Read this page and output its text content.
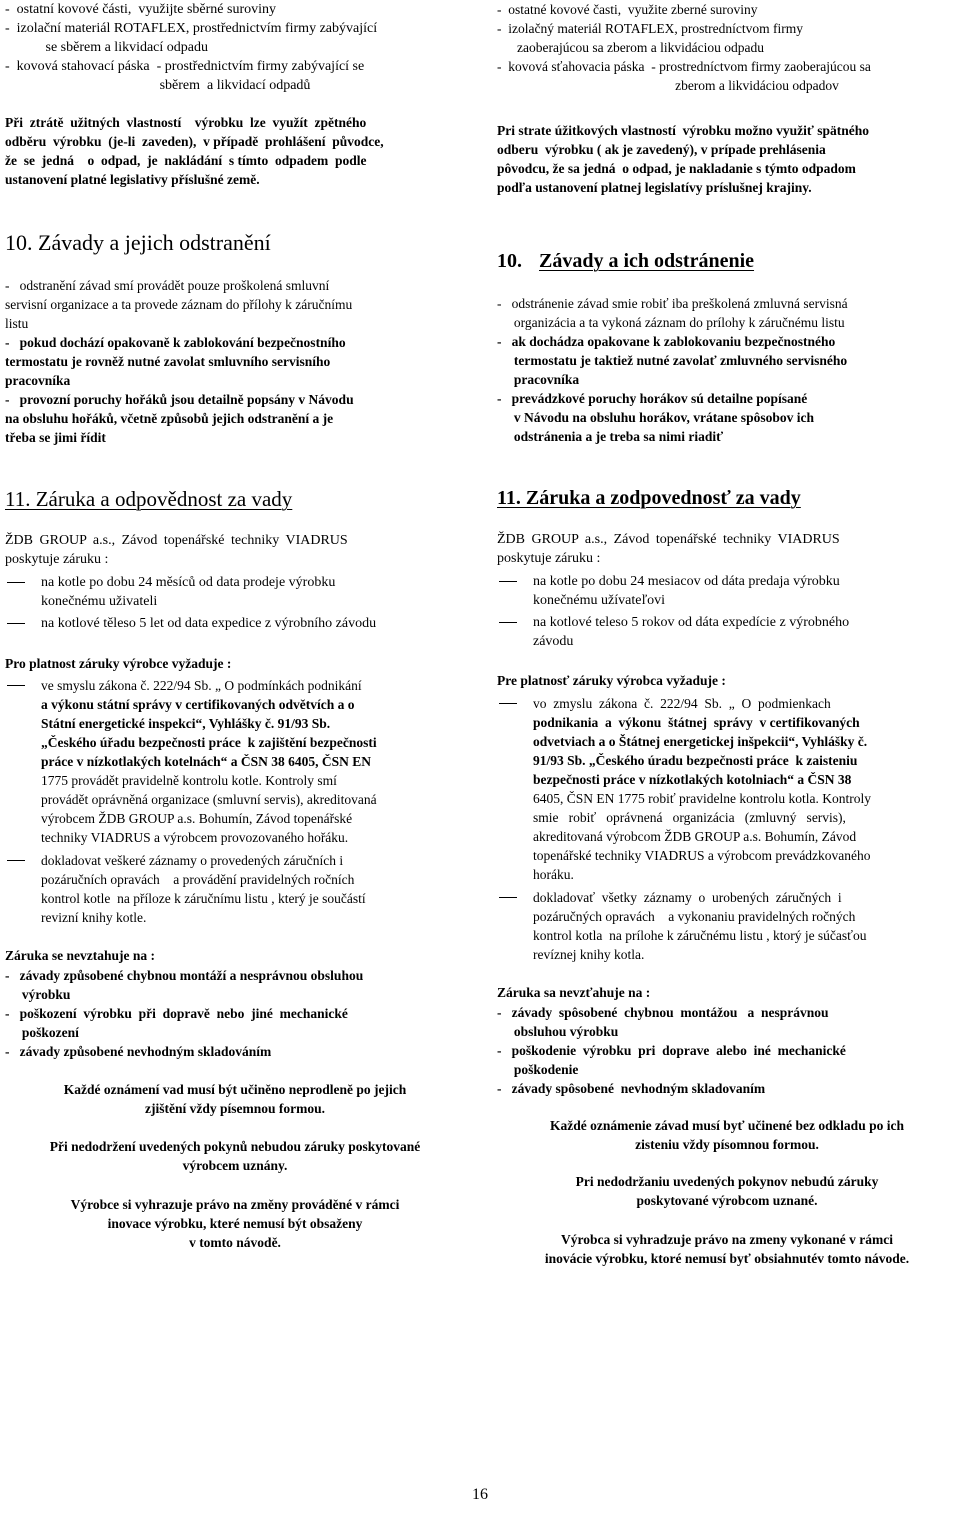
-  ostatní kovové části,  využijte sběrné suroviny

-  izolační materiál ROTAFLEX, prostřednictvím firmy zabývající

se sběrem a likvidací odpadu

-  kovová stahovací páska  - prostřednictvím firmy zabývající se

sběrem  a likvidací odpadů

Při  ztrátě  užitných  vlastností    výrobku  lze  využít  zpětného

odběru  výrobku  (je-li  zaveden),  v případě  prohlášení  původce,

že  se  jedná    o  odpad,  je  nakládání  s tímto  odpadem  podle

ustanovení platné legislativy příslušné země.

10. Závady a jejich odstranění

-   odstranění závad smí provádět pouze proškolená smluvní

servisní organizace a ta provede záznam do přílohy k záručnímu

listu

-   pokud dochází opakovaně k zablokování bezpečnostního

termostatu je rovněž nutné zavolat smluvního servisního

pracovníka

-   provozní poruchy hořáků jsou detailně popsány v Návodu

na obsluhu hořáků, včetně způsobů jejich odstranění a je

třeba se jimi řídit

11. Záruka a odpovědnost za vady

ŽDB GROUP a.s., Závod topenářské techniky VIADRUS

poskytuje záruku :

na kotle po dobu 24 měsíců od data prodeje výrobku

konečnému uživateli

na kotlové těleso 5 let od data expedice z výrobního závodu

Pro platnost záruky výrobce vyžaduje :

ve smyslu zákona č. 222/94 Sb. „ O podmínkách podnikání

a výkonu státní správy v certifikovaných odvětvích a o

Státní energetické inspekci“, Vyhlášky č. 91/93 Sb.

„Českého úřadu bezpečnosti práce  k zajištění bezpečnosti

práce v nízkotlakých kotelnách“ a ČSN 38 6405, ČSN EN

1775 provádět pravidelně kontrolu kotle. Kontroly smí

provádět oprávněná organizace (smluvní servis), akreditovaná

výrobcem ŽDB GROUP a.s. Bohumín, Závod topenářské

techniky VIADRUS a výrobcem provozovaného hořáku.

dokladovat veškeré záznamy o provedených záručních i

pozáručních opravách    a provádění pravidelných ročních

kontrol kotle  na příloze k záručnímu listu , který je součástí

revizní knihy kotle.

Záruka se nevztahuje na :

-   závady způsobené chybnou montáží a nesprávnou obsluhou

výrobku

-   poškození  výrobku  při  dopravě  nebo  jiné  mechanické

poškození

-   závady způsobené nevhodným skladováním

Každé oznámení vad musí být učiněno neprodleně po jejich

zjištění vždy písemnou formou.

Při nedodržení uvedených pokynů nebudou záruky poskytované

výrobcem uznány.

Výrobce si vyhrazuje právo na změny prováděné v rámci

inovace výrobku, které nemusí být obsaženy

v tomto návodě.

-  ostatné kovové časti,  využite zberné suroviny

-  izolačný materiál ROTAFLEX, prostredníctvom firmy

zaoberajúcou sa zberom a likvidáciou odpadu

-  kovová sťahovacia páska  - prostredníctvom firmy zaoberajúcou sa

zberom a likvidáciou odpadov

Pri strate úžitkových vlastností  výrobku možno využiť spätného

odberu  výrobku ( ak je zavedený), v prípade prehlásenia

pôvodcu, že sa jedná  o odpad, je nakladanie s týmto odpadom

podľa ustanovení platnej legislatívy príslušnej krajiny.

10. Závady a ich odstránenie

-   odstránenie závad smie robiť iba preškolená zmluvná servisná

organizácia a ta vykoná záznam do prílohy k záručnému listu

-   ak dochádza opakovane k zablokovaniu bezpečnostného

termostatu je taktiež nutné zavolať zmluvného servisného

pracovníka

-   prevádzkové poruchy horákov sú detailne popísané

v Návodu na obsluhu horákov, vrátane spôsobov ich

odstránenia a je treba sa nimi riadiť

11. Záruka a zodpovednosť za vady

ŽDB GROUP a.s., Závod topenářské techniky VIADRUS

poskytuje záruku :

na kotle po dobu 24 mesiacov od dáta predaja výrobku

konečnému užívateľovi

na kotlové teleso 5 rokov od dáta expedície z výrobného

závodu

Pre platnosť záruky výrobca vyžaduje :

vo  zmyslu  zákona  č.  222/94  Sb.  „  O  podmienkach

podnikania  a  výkonu  štátnej  správy  v certifikovaných

odvetviach a o Štátnej energetickej inšpekcii“, Vyhlášky č.

91/93 Sb. „Českého úradu bezpečnosti práce  k zaisteniu

bezpečnosti práce v nízkotlakých kotolniach“ a ČSN 38

6405, ČSN EN 1775 robiť pravidelne kontrolu kotla. Kontroly

smie   robiť   oprávnená   organizácia   (zmluvný   servis),

akreditovaná výrobcom ŽDB GROUP a.s. Bohumín, Závod

topenářské techniky VIADRUS a výrobcom prevádzkovaného

horáku.

dokladovať  všetky  záznamy  o  urobených  záručných  i

pozáručných opravách    a vykonaniu pravidelných ročných

kontrol kotla  na prílohe k záručnému listu , ktorý je súčasťou

revíznej knihy kotla.

Záruka sa nevzťahuje na :

-   závady  spôsobené  chybnou  montážou   a  nesprávnou

obsluhou výrobku

-   poškodenie  výrobku  pri  doprave  alebo  iné  mechanické

poškodenie

-   závady spôsobené  nevhodným skladovaním

Každé oznámenie závad musí byť učinené bez odkladu po ich

zisteniu vždy písomnou formou.

Pri nedodržaniu uvedených pokynov nebudú záruky

poskytované výrobcom uznané.

Výrobca si vyhradzuje právo na zmeny vykonané v rámci

inovácie výrobku, ktoré nemusí byť obsiahnutév tomto návode.

16
